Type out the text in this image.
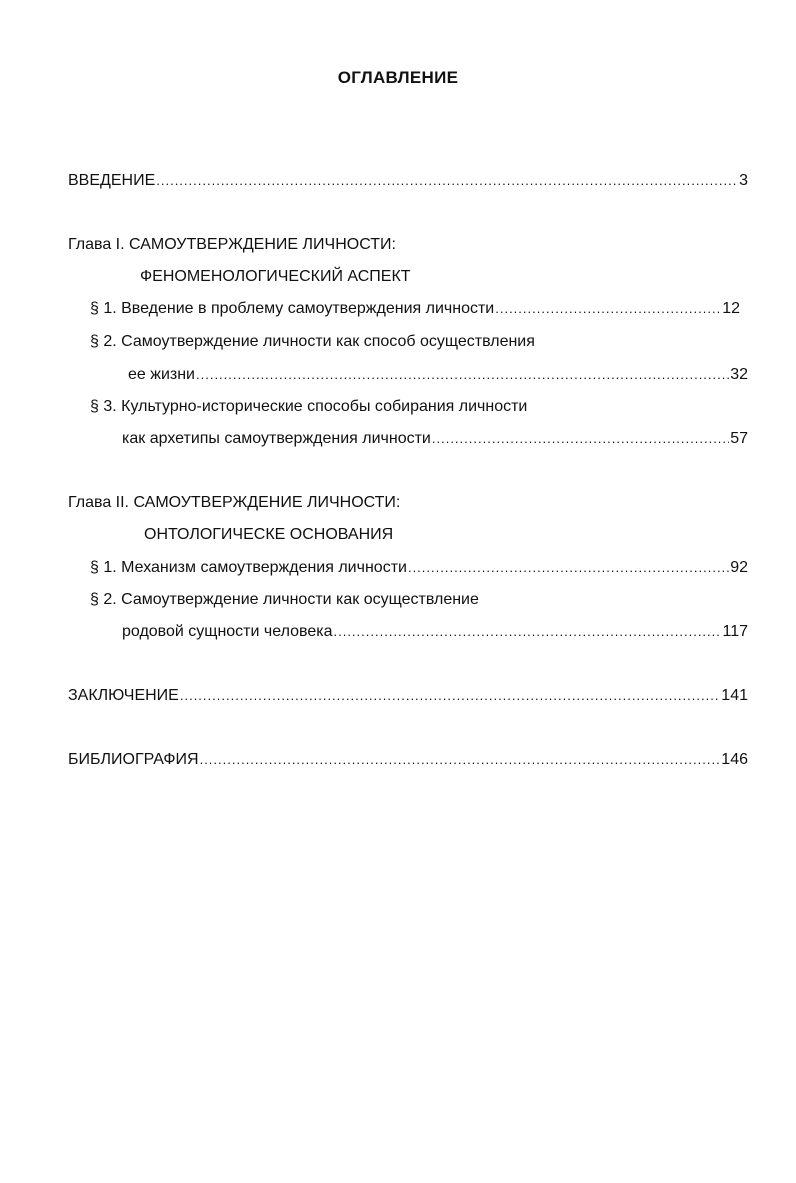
ОГЛАВЛЕНИЕ
ВВЕДЕНИЕ .....	3
Глава I. САМОУТВЕРЖДЕНИЕ ЛИЧНОСТИ:
ФЕНОМЕНОЛОГИЧЕСКИЙ АСПЕКТ
§ 1. Введение в проблему самоутверждения личности .....	12
§ 2. Самоутверждение личности как способ осуществления
ее жизни .....	32
§ 3. Культурно-исторические способы собирания личности
как архетипы самоутверждения личности .....	57
Глава II. САМОУТВЕРЖДЕНИЕ ЛИЧНОСТИ:
ОНТОЛОГИЧЕСКЕ ОСНОВАНИЯ
§ 1. Механизм самоутверждения личности .....	92
§ 2. Самоутверждение личности как осуществление
родовой сущности человека .....	117
ЗАКЛЮЧЕНИЕ .....	141
БИБЛИОГРАФИЯ .....	146
